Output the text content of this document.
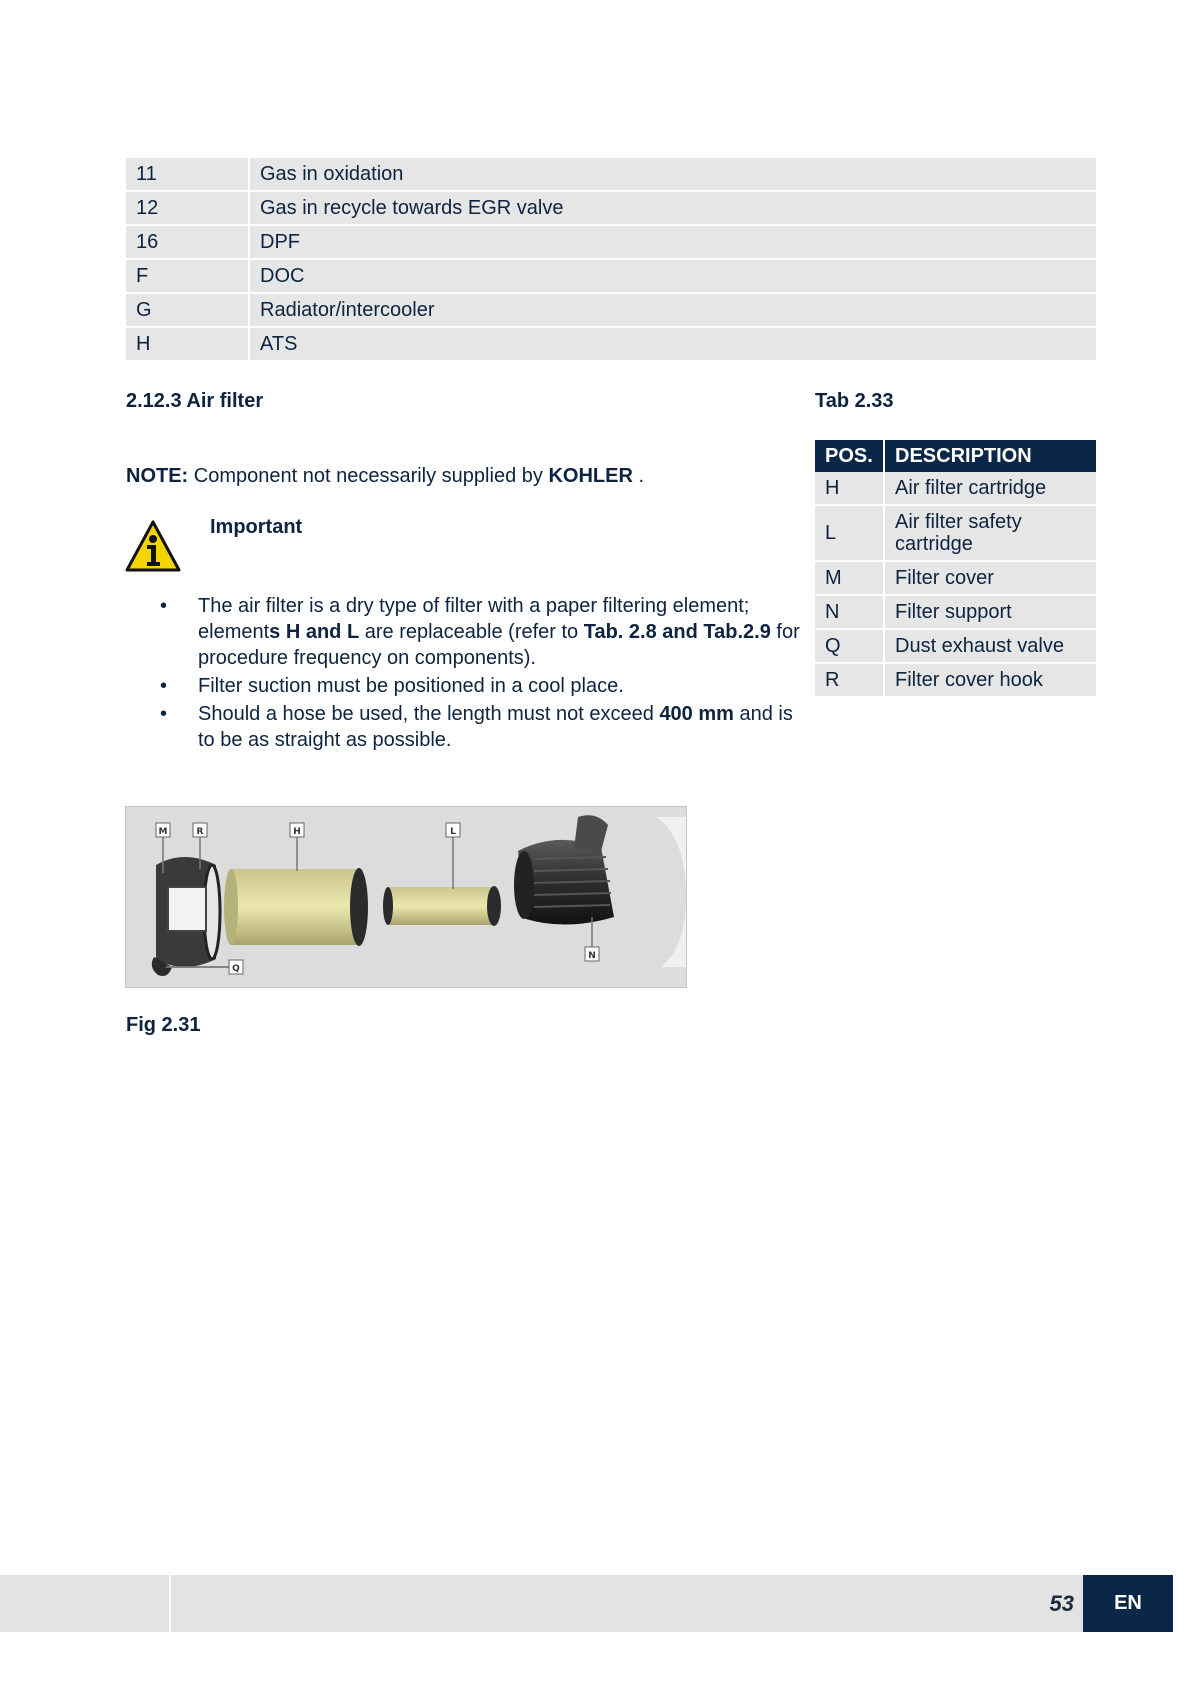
11	Gas in oxidation
12	Gas in recycle towards EGR valve
16	DPF
F	DOC
G	Radiator/intercooler
H	ATS
2.12.3 Air filter	Tab 2.33
NOTE: Component not necessarily supplied by KOHLER .
Important
• The air filter is a dry type of filter with a paper filtering element; elements H and L are replaceable (refer to Tab. 2.8 and Tab.2.9 for procedure frequency on components).
• Filter suction must be positioned in a cool place.
• Should a hose be used, the length must not exceed 400 mm and is to be as straight as possible.
M	R	H	L
Q
N
Fig 2.31
POS.	DESCRIPTION
H	Air filter cartridge
L	Air filter safety cartridge
M	Filter cover
N	Filter support
Q	Dust exhaust valve
R	Filter cover hook
53	EN
